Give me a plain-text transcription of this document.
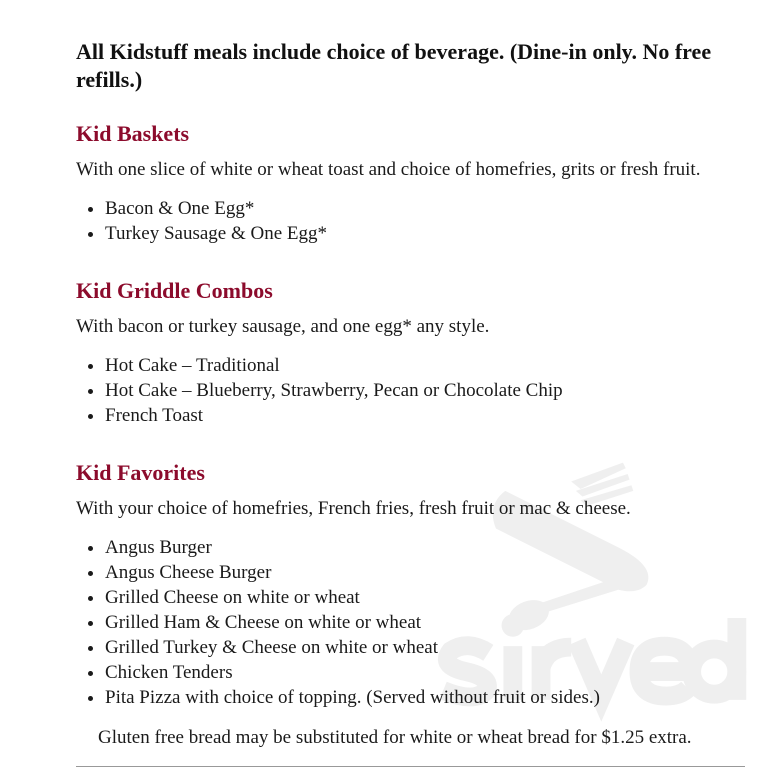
All Kidstuff meals include choice of beverage. (Dine-in only. No free refills.)
Kid Baskets

With one slice of white or wheat toast and choice of homefries, grits or fresh fruit.

• Bacon & One Egg*
• Turkey Sausage & One Egg*
Kid Griddle Combos

With bacon or turkey sausage, and one egg* any style.

• Hot Cake – Traditional
• Hot Cake – Blueberry, Strawberry, Pecan or Chocolate Chip
• French Toast
Kid Favorites

With your choice of homefries, French fries, fresh fruit or mac & cheese.

• Angus Burger
• Angus Cheese Burger
• Grilled Cheese on white or wheat
• Grilled Ham & Cheese on white or wheat
• Grilled Turkey & Cheese on white or wheat
• Chicken Tenders
• Pita Pizza with choice of topping. (Served without fruit or sides.)

Gluten free bread may be substituted for white or wheat bread for $1.25 extra.
